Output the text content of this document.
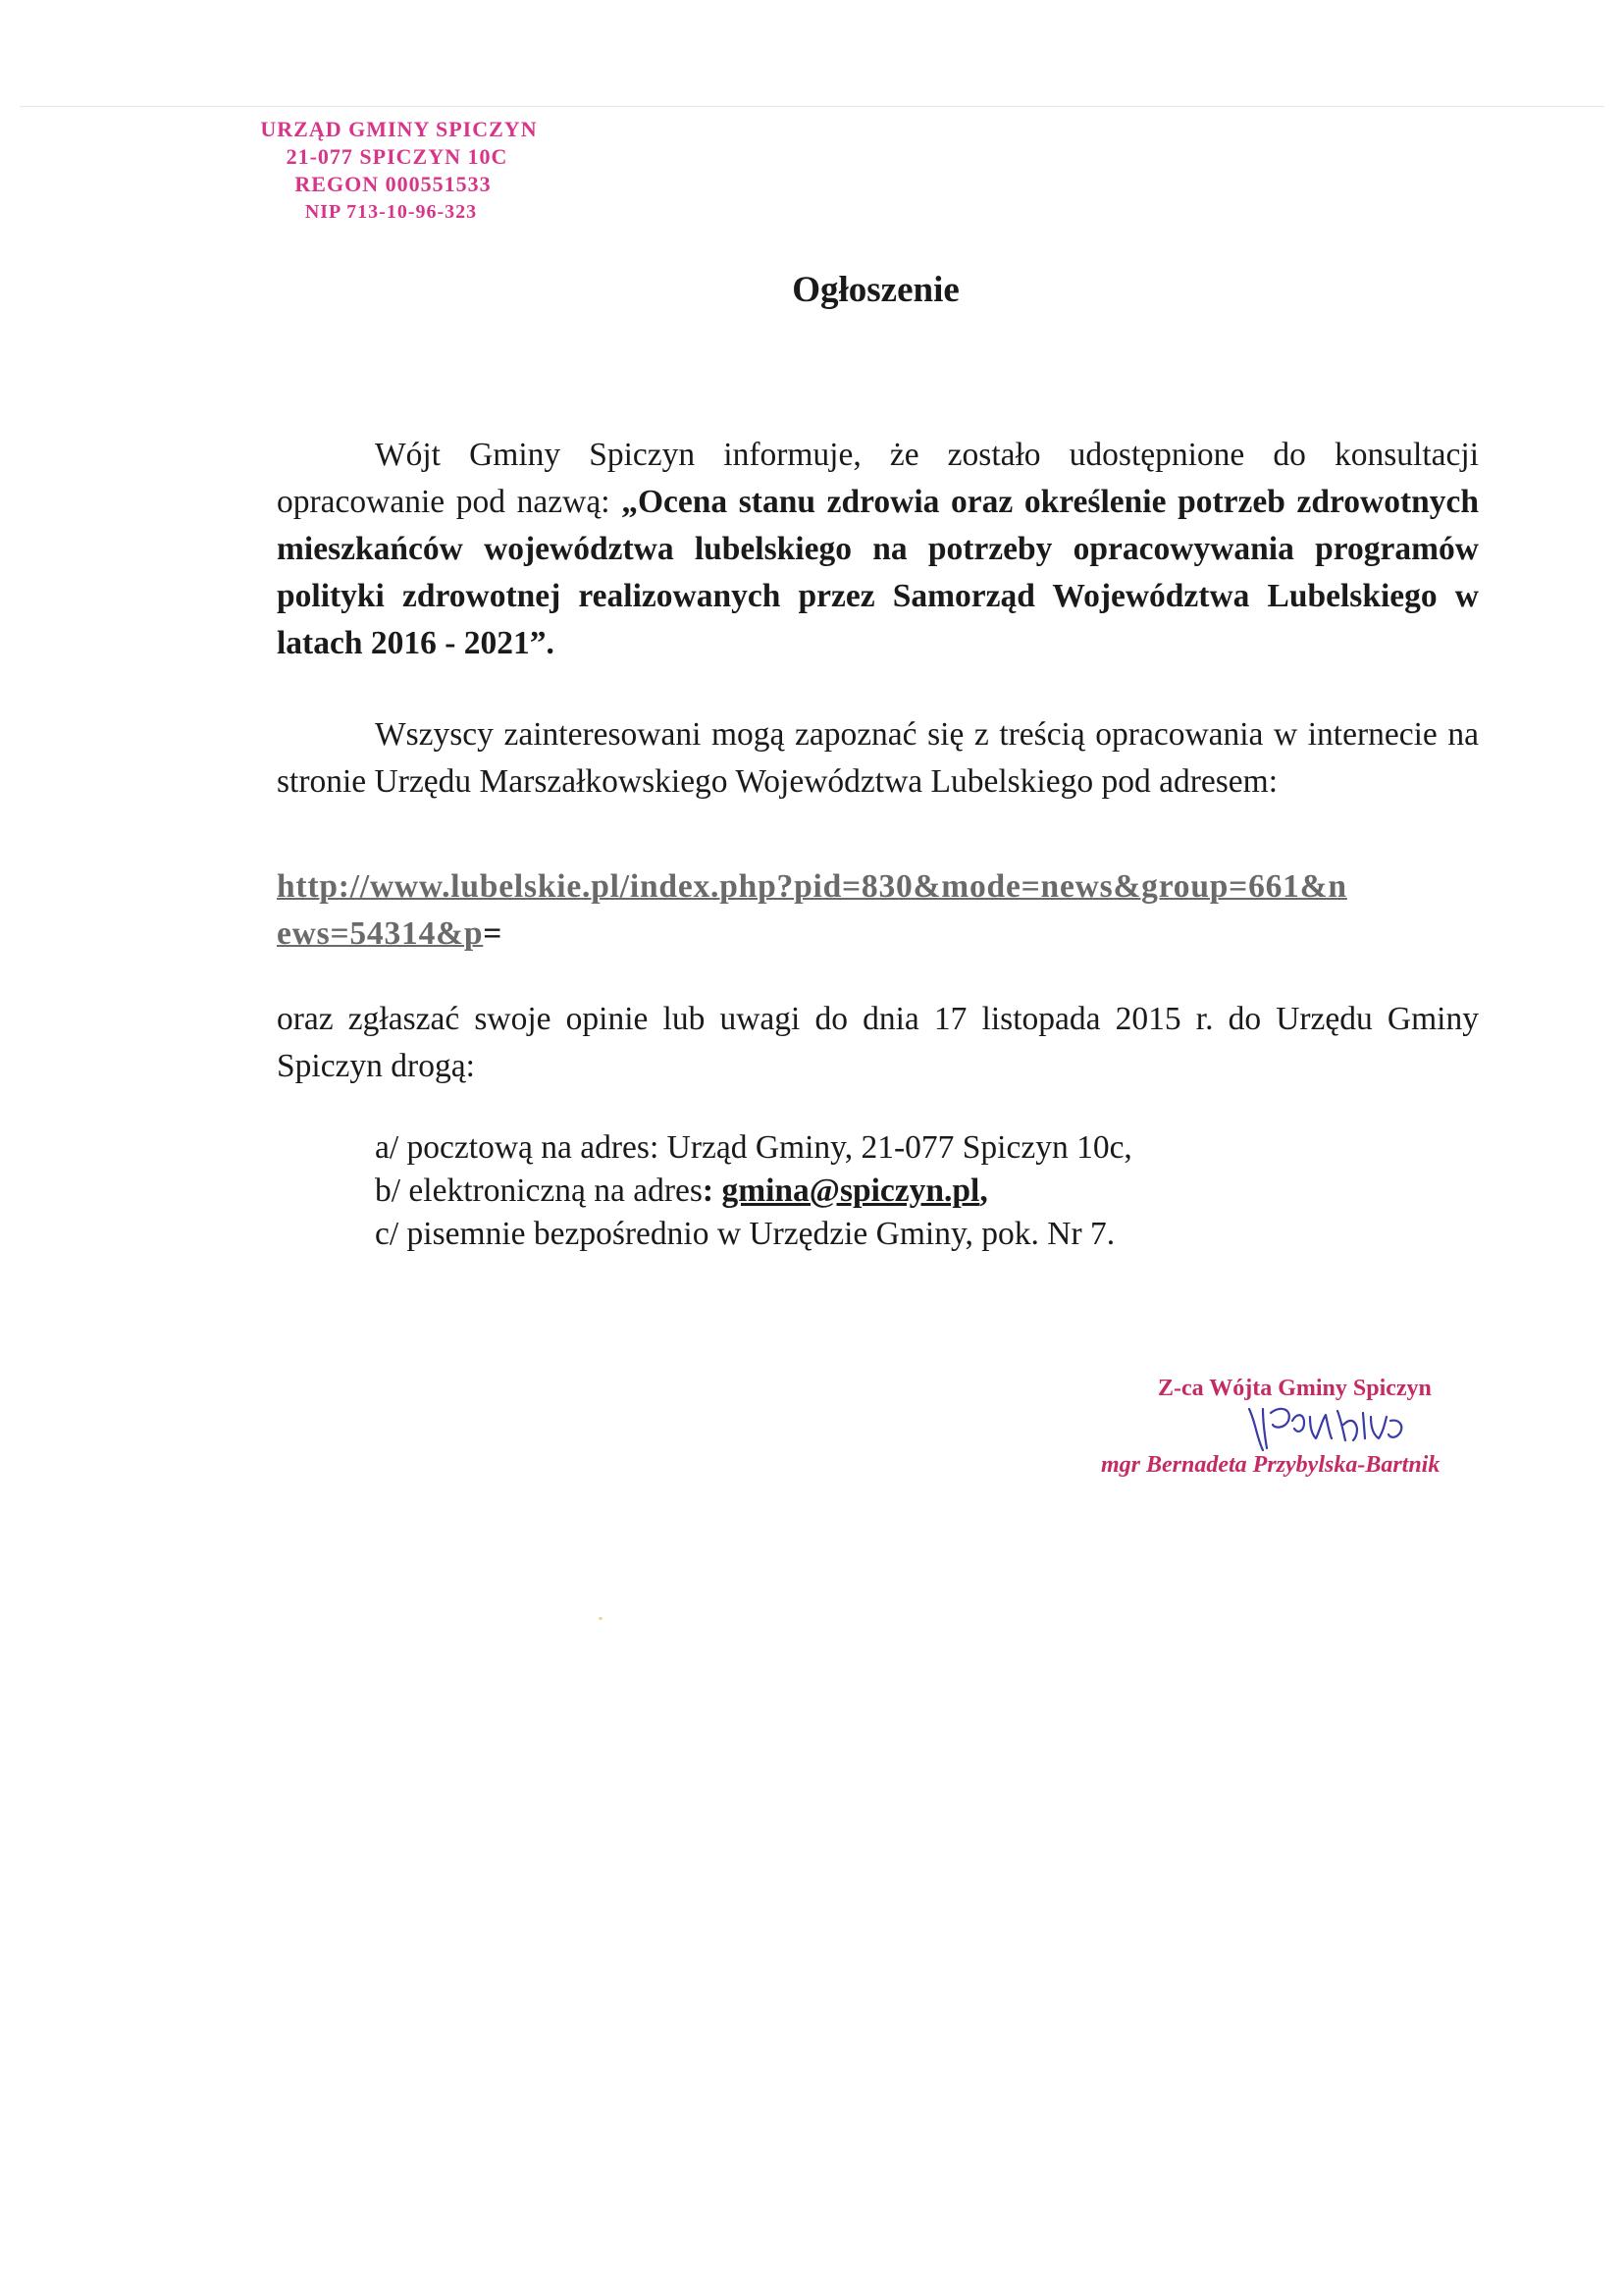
URZĄD GMINY SPICZYN
21-077 SPICZYN 10C
REGON 000551533
NIP 713-10-96-323
Ogłoszenie
Wójt Gminy Spiczyn informuje, że zostało udostępnione do konsultacji opracowanie pod nazwą: „Ocena stanu zdrowia oraz określenie potrzeb zdrowotnych mieszkańców województwa lubelskiego na potrzeby opracowywania programów polityki zdrowotnej realizowanych przez Samorząd Województwa Lubelskiego w latach 2016 - 2021”.
Wszyscy zainteresowani mogą zapoznać się z treścią opracowania w internecie na stronie Urzędu Marszałkowskiego Województwa Lubelskiego pod adresem:
http://www.lubelskie.pl/index.php?pid=830&mode=news&group=661&n
ews=54314&p=
oraz zgłaszać swoje opinie lub uwagi do dnia 17 listopada 2015 r. do Urzędu Gminy Spiczyn drogą:
a/ pocztową na adres: Urząd Gminy, 21-077 Spiczyn 10c,
b/ elektroniczną na adres: gmina@spiczyn.pl,
c/ pisemnie bezpośrednio w Urzędzie Gminy, pok. Nr 7.
Z-ca Wójta Gminy Spiczyn
mgr Bernadeta Przybylska-Bartnik
